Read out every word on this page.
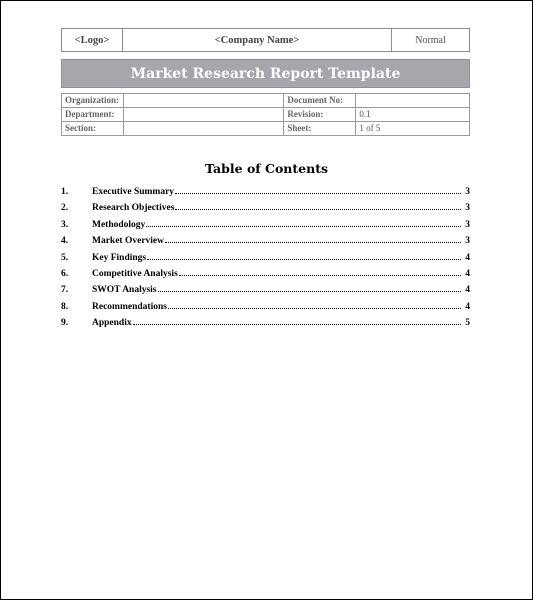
<Logo>	<Company Name>	Normal
Market Research Report Template
Organization:		Document No:	
Department:		Revision:	0.1
Section:		Sheet:	1 of 5
Table of Contents
1.	Executive Summary	3
2.	Research Objectives	3
3.	Methodology	3
4.	Market Overview	3
5.	Key Findings	4
6.	Competitive Analysis	4
7.	SWOT Analysis	4
8.	Recommendations	4
9.	Appendix	5
